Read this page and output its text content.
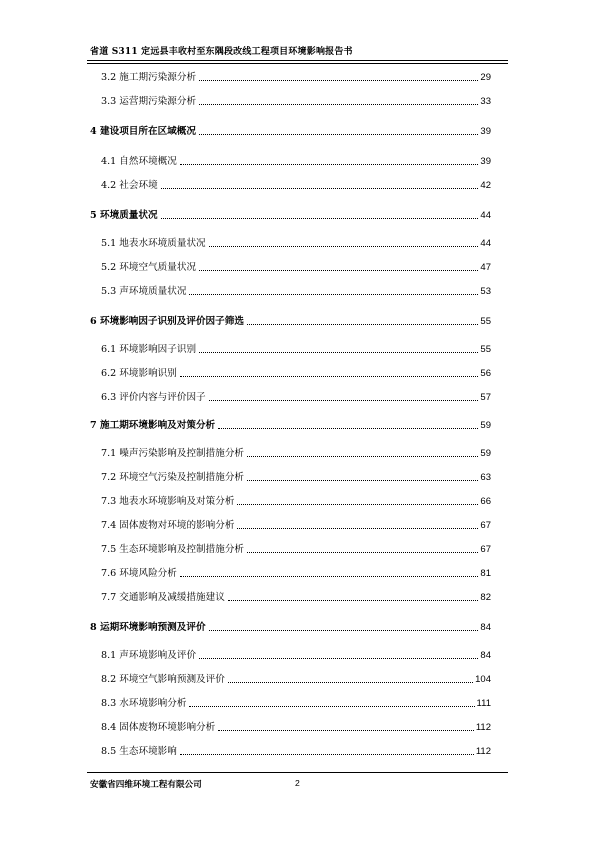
省道 S311 定远县丰收村至东隅段改线工程项目环境影响报告书
3.2 施工期污染源分析	29
3.3 运营期污染源分析	33
4 建设项目所在区域概况	39
4.1 自然环境概况	39
4.2 社会环境	42
5 环境质量状况	44
5.1 地表水环境质量状况	44
5.2 环境空气质量状况	47
5.3 声环境质量状况	53
6 环境影响因子识别及评价因子筛选	55
6.1 环境影响因子识别	55
6.2 环境影响识别	56
6.3 评价内容与评价因子	57
7 施工期环境影响及对策分析	59
7.1 噪声污染影响及控制措施分析	59
7.2 环境空气污染及控制措施分析	63
7.3 地表水环境影响及对策分析	66
7.4 固体废物对环境的影响分析	67
7.5 生态环境影响及控制措施分析	67
7.6 环境风险分析	81
7.7 交通影响及减缓措施建议	82
8 运期环境影响预测及评价	84
8.1 声环境影响及评价	84
8.2 环境空气影响预测及评价	104
8.3 水环境影响分析	111
8.4 固体废物环境影响分析	112
8.5 生态环境影响	112
安徽省四维环境工程有限公司	2
